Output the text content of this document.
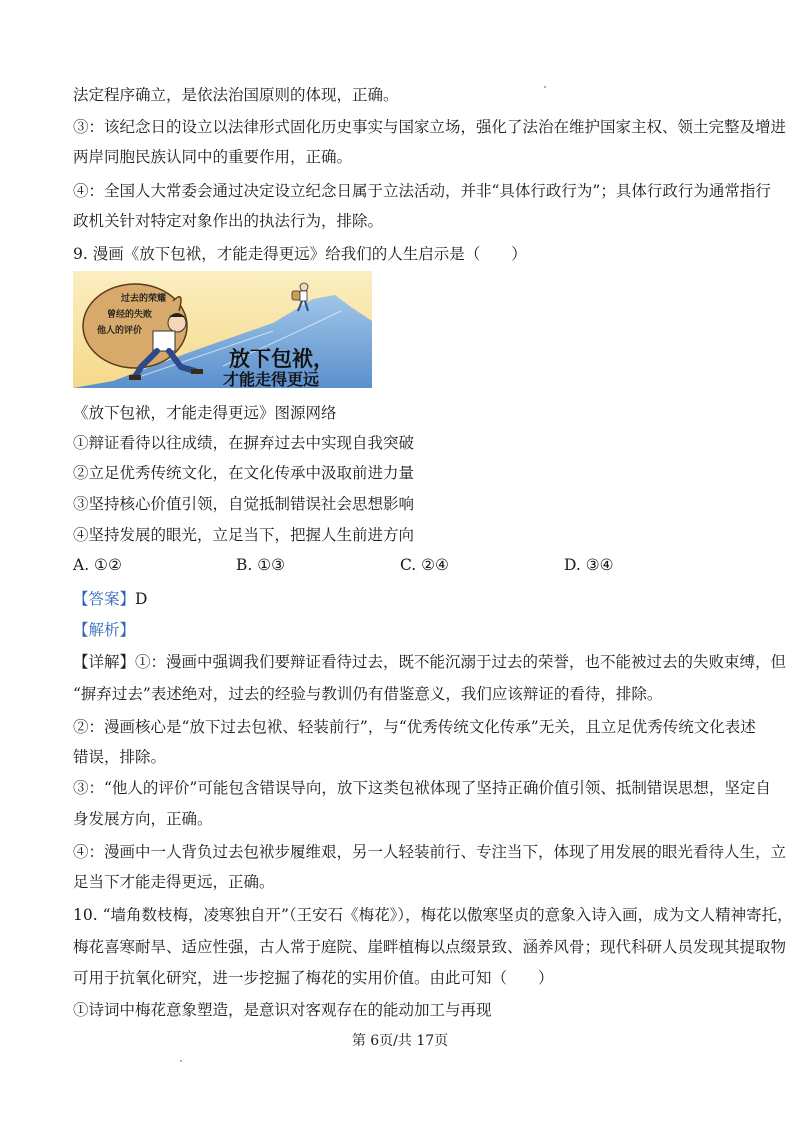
法定程序确立，是依法治国原则的体现，正确。
③：该纪念日的设立以法律形式固化历史事实与国家立场，强化了法治在维护国家主权、领土完整及增进
两岸同胞民族认同中的重要作用，正确。
④：全国人大常委会通过决定设立纪念日属于立法活动，并非“具体行政行为”；具体行政行为通常指行
政机关针对特定对象作出的执法行为，排除。
9. 漫画《放下包袱，才能走得更远》给我们的人生启示是（　　）
过去的荣耀
曾经的失败
他人的评价
放下包袱，
才能走得更远
《放下包袱，才能走得更远》图源网络
①辩证看待以往成绩，在摒弃过去中实现自我突破
②立足优秀传统文化，在文化传承中汲取前进力量
③坚持核心价值引领，自觉抵制错误社会思想影响
④坚持发展的眼光，立足当下，把握人生前进方向
A. ①②	B. ①③	C. ②④	D. ③④
【答案】D
【解析】
【详解】①：漫画中强调我们要辩证看待过去，既不能沉溺于过去的荣誉，也不能被过去的失败束缚，但
“摒弃过去”表述绝对，过去的经验与教训仍有借鉴意义，我们应该辩证的看待，排除。
②：漫画核心是“放下过去包袱、轻装前行”，与“优秀传统文化传承”无关，且立足优秀传统文化表述
错误，排除。
③：“他人的评价”可能包含错误导向，放下这类包袱体现了坚持正确价值引领、抵制错误思想，坚定自
身发展方向，正确。
④：漫画中一人背负过去包袱步履维艰，另一人轻装前行、专注当下，体现了用发展的眼光看待人生，立
足当下才能走得更远，正确。
10. “墙角数枝梅，凌寒独自开”（王安石《梅花》），梅花以傲寒坚贞的意象入诗入画，成为文人精神寄托，
梅花喜寒耐旱、适应性强，古人常于庭院、崖畔植梅以点缀景致、涵养风骨；现代科研人员发现其提取物
可用于抗氧化研究，进一步挖掘了梅花的实用价值。由此可知（　　）
①诗词中梅花意象塑造，是意识对客观存在的能动加工与再现
第 6页/共 17页
